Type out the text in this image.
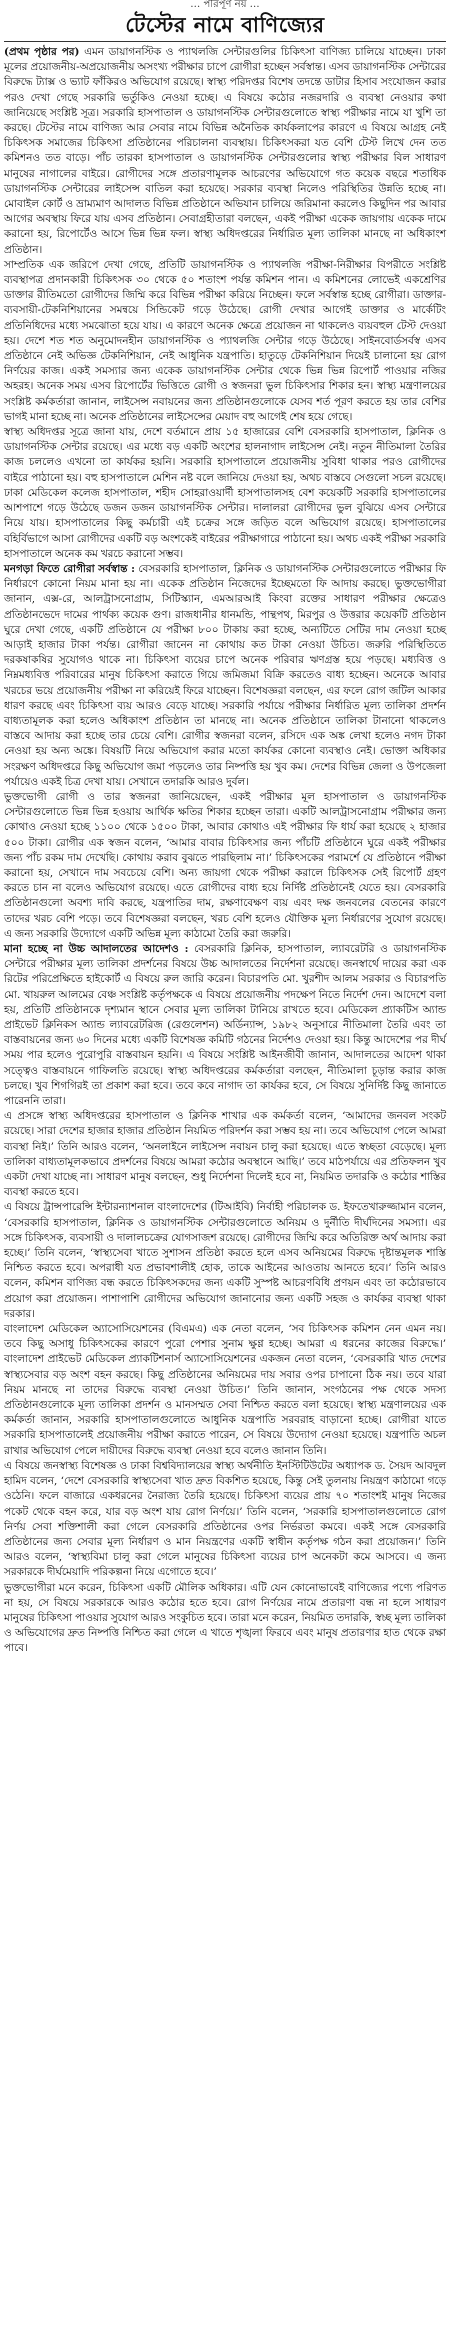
… পরিপূর্ণ নয় …
টেস্টের নামে বাণিজ্যের

(প্রথম পৃষ্ঠার পর) এমন ডায়াগনস্টিক ও প্যাথলজি সেন্টারগুলির চিকিৎসা বাণিজ্য চালিয়ে যাচ্ছেন। ঢাকা মূলের প্রয়োজনীয়-অপ্রয়োজনীয় অসংখ্য পরীক্ষার চাপে রোগীরা হচ্ছেন সর্বস্বান্ত। এসব ডায়াগনস্টিক সেন্টারের বিরুদ্ধে ট্যাক্স ও ভ্যাট ফাঁকিরও অভিযোগ রয়েছে। স্বাস্থ্য পরিদপ্তর বিশেষ তদন্তে ডাটার হিসাব সংযোজন করার পরও দেখা গেছে সরকারি ভর্তুকিও নেওয়া হচ্ছে। এ বিষয়ে কঠোর নজরদারি ও ব্যবস্থা নেওয়ার কথা জানিয়েছে সংশ্লিষ্ট সূত্র। সরকারি হাসপাতাল ও ডায়াগনস্টিক সেন্টারগুলোতে স্বাস্থ্য পরীক্ষার নামে যা খুশি তা করছে। টেস্টের নামে বাণিজ্য আর সেবার নামে বিভিন্ন অনৈতিক কার্যকলাপের কারণে এ বিষয়ে আগ্রহ নেই চিকিৎসক সমাজের চিকিৎসা প্রতিষ্ঠানের পরিচালনা ব্যবস্থায়। চিকিৎসকরা যত বেশি টেস্ট লিখে দেন তত কমিশনও তত বাড়ে। পাঁচ তারকা হাসপাতাল ও ডায়াগনস্টিক সেন্টারগুলোর স্বাস্থ্য পরীক্ষার বিল সাধারণ মানুষের নাগালের বাইরে। রোগীদের সঙ্গে প্রতারণামূলক আচরণের অভিযোগে গত কয়েক বছরে শতাধিক ডায়াগনস্টিক সেন্টারের লাইসেন্স বাতিল করা হয়েছে। সরকার ব্যবস্থা নিলেও পরিস্থিতির উন্নতি হচ্ছে না। মোবাইল কোর্ট ও ভ্রাম্যমাণ আদালত বিভিন্ন প্রতিষ্ঠানে অভিযান চালিয়ে জরিমানা করলেও কিছুদিন পর আবার আগের অবস্থায় ফিরে যায় এসব প্রতিষ্ঠান। সেবাগ্রহীতারা বলছেন, একই পরীক্ষা একেক জায়গায় একেক দামে করানো হয়, রিপোর্টেও আসে ভিন্ন ভিন্ন ফল। স্বাস্থ্য অধিদপ্তরের নির্ধারিত মূল্য তালিকা মানছে না অধিকাংশ প্রতিষ্ঠান।

সাম্প্রতিক এক জরিপে দেখা গেছে, প্রতিটি ডায়াগনস্টিক ও প্যাথলজি পরীক্ষা-নিরীক্ষার বিপরীতে সংশ্লিষ্ট ব্যবস্থাপত্র প্রদানকারী চিকিৎসক ৩০ থেকে ৫০ শতাংশ পর্যন্ত কমিশন পান। এ কমিশনের লোভেই একশ্রেণির ডাক্তার রীতিমতো রোগীদের জিম্মি করে বিভিন্ন পরীক্ষা করিয়ে নিচ্ছেন। ফলে সর্বস্বান্ত হচ্ছে রোগীরা। ডাক্তার-ব্যবসায়ী-টেকনিশিয়ানের সমন্বয়ে সিন্ডিকেট গড়ে উঠেছে। রোগী দেখার আগেই ডাক্তার ও মার্কেটিং প্রতিনিধিদের মধ্যে সমঝোতা হয়ে যায়। এ কারণে অনেক ক্ষেত্রে প্রয়োজন না থাকলেও ব্যয়বহুল টেস্ট দেওয়া হয়। দেশে শত শত অনুমোদনহীন ডায়াগনস্টিক ও প্যাথলজি সেন্টার গড়ে উঠেছে। সাইনবোর্ডসর্বস্ব এসব প্রতিষ্ঠানে নেই অভিজ্ঞ টেকনিশিয়ান, নেই আধুনিক যন্ত্রপাতি। হাতুড়ে টেকনিশিয়ান দিয়েই চালানো হয় রোগ নির্ণয়ের কাজ। একই সমস্যার জন্য একেক ডায়াগনস্টিক সেন্টার থেকে ভিন্ন ভিন্ন রিপোর্ট পাওয়ার নজির অহরহ। অনেক সময় এসব রিপোর্টের ভিত্তিতে রোগী ও স্বজনরা ভুল চিকিৎসার শিকার হন। স্বাস্থ্য মন্ত্রণালয়ের সংশ্লিষ্ট কর্মকর্তারা জানান, লাইসেন্স নবায়নের জন্য প্রতিষ্ঠানগুলোকে যেসব শর্ত পূরণ করতে হয় তার বেশির ভাগই মানা হচ্ছে না। অনেক প্রতিষ্ঠানের লাইসেন্সের মেয়াদ বহু আগেই শেষ হয়ে গেছে।

স্বাস্থ্য অধিদপ্তর সূত্রে জানা যায়, দেশে বর্তমানে প্রায় ১৫ হাজারের বেশি বেসরকারি হাসপাতাল, ক্লিনিক ও ডায়াগনস্টিক সেন্টার রয়েছে। এর মধ্যে বড় একটি অংশের হালনাগাদ লাইসেন্স নেই। নতুন নীতিমালা তৈরির কাজ চললেও এখনো তা কার্যকর হয়নি। সরকারি হাসপাতালে প্রয়োজনীয় সুবিধা থাকার পরও রোগীদের বাইরে পাঠানো হয়। বহু হাসপাতালে মেশিন নষ্ট বলে জানিয়ে দেওয়া হয়, অথচ বাস্তবে সেগুলো সচল রয়েছে। ঢাকা মেডিকেল কলেজ হাসপাতাল, শহীদ সোহরাওয়ার্দী হাসপাতালসহ বেশ কয়েকটি সরকারি হাসপাতালের আশপাশে গড়ে উঠেছে ডজন ডজন ডায়াগনস্টিক সেন্টার। দালালরা রোগীদের ভুল বুঝিয়ে এসব সেন্টারে নিয়ে যায়। হাসপাতালের কিছু কর্মচারী এই চক্রের সঙ্গে জড়িত বলে অভিযোগ রয়েছে। হাসপাতালের বহির্বিভাগে আসা রোগীদের একটি বড় অংশকেই বাইরের পরীক্ষাগারে পাঠানো হয়। অথচ একই পরীক্ষা সরকারি হাসপাতালে অনেক কম খরচে করানো সম্ভব।

মনগড়া ফিতে রোগীরা সর্বস্বান্ত : বেসরকারি হাসপাতাল, ক্লিনিক ও ডায়াগনস্টিক সেন্টারগুলোতে পরীক্ষার ফি নির্ধারণে কোনো নিয়ম মানা হয় না। একেক প্রতিষ্ঠান নিজেদের ইচ্ছেমতো ফি আদায় করছে। ভুক্তভোগীরা জানান, এক্স-রে, আলট্রাসনোগ্রাম, সিটিস্ক্যান, এমআরআই কিংবা রক্তের সাধারণ পরীক্ষার ক্ষেত্রেও প্রতিষ্ঠানভেদে দামের পার্থক্য কয়েক গুণ। রাজধানীর ধানমন্ডি, পান্থপথ, মিরপুর ও উত্তরার কয়েকটি প্রতিষ্ঠান ঘুরে দেখা গেছে, একটি প্রতিষ্ঠানে যে পরীক্ষা ৮০০ টাকায় করা হচ্ছে, অন্যটিতে সেটির দাম নেওয়া হচ্ছে আড়াই হাজার টাকা পর্যন্ত। রোগীরা জানেন না কোথায় কত টাকা নেওয়া উচিত। জরুরি পরিস্থিতিতে দরকষাকষির সুযোগও থাকে না। চিকিৎসা ব্যয়ের চাপে অনেক পরিবার ঋণগ্রস্ত হয়ে পড়ছে। মধ্যবিত্ত ও নিম্নমধ্যবিত্ত পরিবারের মানুষ চিকিৎসা করাতে গিয়ে জমিজমা বিক্রি করতেও বাধ্য হচ্ছেন। অনেকে আবার খরচের ভয়ে প্রয়োজনীয় পরীক্ষা না করিয়েই ফিরে যাচ্ছেন। বিশেষজ্ঞরা বলছেন, এর ফলে রোগ জটিল আকার ধারণ করছে এবং চিকিৎসা ব্যয় আরও বেড়ে যাচ্ছে। সরকারি পর্যায়ে পরীক্ষার নির্ধারিত মূল্য তালিকা প্রদর্শন বাধ্যতামূলক করা হলেও অধিকাংশ প্রতিষ্ঠান তা মানছে না। অনেক প্রতিষ্ঠানে তালিকা টানানো থাকলেও বাস্তবে আদায় করা হচ্ছে তার চেয়ে বেশি। রোগীর স্বজনরা বলেন, রসিদে এক অঙ্ক লেখা হলেও নগদ টাকা নেওয়া হয় অন্য অঙ্কে। বিষয়টি নিয়ে অভিযোগ করার মতো কার্যকর কোনো ব্যবস্থাও নেই। ভোক্তা অধিকার সংরক্ষণ অধিদপ্তরে কিছু অভিযোগ জমা পড়লেও তার নিষ্পত্তি হয় খুব কম। দেশের বিভিন্ন জেলা ও উপজেলা পর্যায়েও একই চিত্র দেখা যায়। সেখানে তদারকি আরও দুর্বল।

ভুক্তভোগী রোগী ও তার স্বজনরা জানিয়েছেন, একই পরীক্ষার মূল হাসপাতাল ও ডায়াগনস্টিক সেন্টারগুলোতে ভিন্ন ভিন্ন হওয়ায় আর্থিক ক্ষতির শিকার হচ্ছেন তারা। একটি আলট্রাসনোগ্রাম পরীক্ষার জন্য কোথাও নেওয়া হচ্ছে ১১০০ থেকে ১৫০০ টাকা, আবার কোথাও এই পরীক্ষার ফি ধার্য করা হয়েছে ২ হাজার ৫০০ টাকা। রোগীর এক স্বজন বলেন, ‘আমার বাবার চিকিৎসার জন্য পাঁচটি প্রতিষ্ঠানে ঘুরে একই পরীক্ষার জন্য পাঁচ রকম দাম দেখেছি। কোথায় করাব বুঝতে পারছিলাম না।’ চিকিৎসকের পরামর্শে যে প্রতিষ্ঠানে পরীক্ষা করানো হয়, সেখানে দাম সবচেয়ে বেশি। অন্য জায়গা থেকে পরীক্ষা করালে চিকিৎসক সেই রিপোর্ট গ্রহণ করতে চান না বলেও অভিযোগ রয়েছে। এতে রোগীদের বাধ্য হয়ে নির্দিষ্ট প্রতিষ্ঠানেই যেতে হয়। বেসরকারি প্রতিষ্ঠানগুলো অবশ্য দাবি করছে, যন্ত্রপাতির দাম, রক্ষণাবেক্ষণ ব্যয় এবং দক্ষ জনবলের বেতনের কারণে তাদের খরচ বেশি পড়ে। তবে বিশেষজ্ঞরা বলছেন, খরচ বেশি হলেও যৌক্তিক মূল্য নির্ধারণের সুযোগ রয়েছে। এ জন্য সরকারি উদ্যোগে একটি অভিন্ন মূল্য কাঠামো তৈরি করা জরুরি।

মানা হচ্ছে না উচ্চ আদালতের আদেশও : বেসরকারি ক্লিনিক, হাসপাতাল, ল্যাবরেটরি ও ডায়াগনস্টিক সেন্টারে পরীক্ষার মূল্য তালিকা প্রদর্শনের বিষয়ে উচ্চ আদালতের নির্দেশনা রয়েছে। জনস্বার্থে দায়ের করা এক রিটের পরিপ্রেক্ষিতে হাইকোর্ট এ বিষয়ে রুল জারি করেন। বিচারপতি মো. খুরশীদ আলম সরকার ও বিচারপতি মো. খায়রুল আলমের বেঞ্চ সংশ্লিষ্ট কর্তৃপক্ষকে এ বিষয়ে প্রয়োজনীয় পদক্ষেপ নিতে নির্দেশ দেন। আদেশে বলা হয়, প্রতিটি প্রতিষ্ঠানকে দৃশ্যমান স্থানে সেবার মূল্য তালিকা টানিয়ে রাখতে হবে। মেডিকেল প্র্যাকটিস অ্যান্ড প্রাইভেট ক্লিনিকস অ্যান্ড ল্যাবরেটরিজ (রেগুলেশন) অর্ডিন্যান্স, ১৯৮২ অনুসারে নীতিমালা তৈরি এবং তা বাস্তবায়নের জন্য ৬০ দিনের মধ্যে একটি বিশেষজ্ঞ কমিটি গঠনের নির্দেশও দেওয়া হয়। কিন্তু আদেশের পর দীর্ঘ সময় পার হলেও পুরোপুরি বাস্তবায়ন হয়নি। এ বিষয়ে সংশ্লিষ্ট আইনজীবী জানান, আদালতের আদেশ থাকা সত্ত্বেও বাস্তবায়নে গাফিলতি রয়েছে। স্বাস্থ্য অধিদপ্তরের কর্মকর্তারা বলছেন, নীতিমালা চূড়ান্ত করার কাজ চলছে। খুব শিগগিরই তা প্রকাশ করা হবে। তবে কবে নাগাদ তা কার্যকর হবে, সে বিষয়ে সুনির্দিষ্ট কিছু জানাতে পারেননি তারা।

এ প্রসঙ্গে স্বাস্থ্য অধিদপ্তরের হাসপাতাল ও ক্লিনিক শাখার এক কর্মকর্তা বলেন, ‘আমাদের জনবল সংকট রয়েছে। সারা দেশের হাজার হাজার প্রতিষ্ঠান নিয়মিত পরিদর্শন করা সম্ভব হয় না। তবে অভিযোগ পেলে আমরা ব্যবস্থা নিই।’ তিনি আরও বলেন, ‘অনলাইনে লাইসেন্স নবায়ন চালু করা হয়েছে। এতে স্বচ্ছতা বেড়েছে। মূল্য তালিকা বাধ্যতামূলকভাবে প্রদর্শনের বিষয়ে আমরা কঠোর অবস্থানে আছি।’ তবে মাঠপর্যায়ে এর প্রতিফলন খুব একটা দেখা যাচ্ছে না। সাধারণ মানুষ বলছেন, শুধু নির্দেশনা দিলেই হবে না, নিয়মিত তদারকি ও কঠোর শাস্তির ব্যবস্থা করতে হবে।

এ বিষয়ে ট্রান্সপারেন্সি ইন্টারন্যাশনাল বাংলাদেশের (টিআইবি) নির্বাহী পরিচালক ড. ইফতেখারুজ্জামান বলেন, ‘বেসরকারি হাসপাতাল, ক্লিনিক ও ডায়াগনস্টিক সেন্টারগুলোতে অনিয়ম ও দুর্নীতি দীর্ঘদিনের সমস্যা। এর সঙ্গে চিকিৎসক, ব্যবসায়ী ও দালালচক্রের যোগসাজশ রয়েছে। রোগীদের জিম্মি করে অতিরিক্ত অর্থ আদায় করা হচ্ছে।’ তিনি বলেন, ‘স্বাস্থ্যসেবা খাতে সুশাসন প্রতিষ্ঠা করতে হলে এসব অনিয়মের বিরুদ্ধে দৃষ্টান্তমূলক শাস্তি নিশ্চিত করতে হবে। অপরাধী যত প্রভাবশালীই হোক, তাকে আইনের আওতায় আনতে হবে।’ তিনি আরও বলেন, কমিশন বাণিজ্য বন্ধ করতে চিকিৎসকদের জন্য একটি সুস্পষ্ট আচরণবিধি প্রণয়ন এবং তা কঠোরভাবে প্রয়োগ করা প্রয়োজন। পাশাপাশি রোগীদের অভিযোগ জানানোর জন্য একটি সহজ ও কার্যকর ব্যবস্থা থাকা দরকার।

বাংলাদেশ মেডিকেল অ্যাসোসিয়েশনের (বিএমএ) এক নেতা বলেন, ‘সব চিকিৎসক কমিশন নেন এমন নয়। তবে কিছু অসাধু চিকিৎসকের কারণে পুরো পেশার সুনাম ক্ষুণ্ণ হচ্ছে। আমরা এ ধরনের কাজের বিরুদ্ধে।’ বাংলাদেশ প্রাইভেট মেডিকেল প্র্যাকটিশনার্স অ্যাসোসিয়েশনের একজন নেতা বলেন, ‘বেসরকারি খাত দেশের স্বাস্থ্যসেবার বড় অংশ বহন করছে। কিছু প্রতিষ্ঠানের অনিয়মের দায় সবার ওপর চাপানো ঠিক নয়। তবে যারা নিয়ম মানছে না তাদের বিরুদ্ধে ব্যবস্থা নেওয়া উচিত।’ তিনি জানান, সংগঠনের পক্ষ থেকে সদস্য প্রতিষ্ঠানগুলোকে মূল্য তালিকা প্রদর্শন ও মানসম্মত সেবা নিশ্চিত করতে বলা হয়েছে। স্বাস্থ্য মন্ত্রণালয়ের এক কর্মকর্তা জানান, সরকারি হাসপাতালগুলোতে আধুনিক যন্ত্রপাতি সরবরাহ বাড়ানো হচ্ছে। রোগীরা যাতে সরকারি হাসপাতালেই প্রয়োজনীয় পরীক্ষা করাতে পারেন, সে বিষয়ে উদ্যোগ নেওয়া হয়েছে। যন্ত্রপাতি অচল রাখার অভিযোগ পেলে দায়ীদের বিরুদ্ধে ব্যবস্থা নেওয়া হবে বলেও জানান তিনি।

এ বিষয়ে জনস্বাস্থ্য বিশেষজ্ঞ ও ঢাকা বিশ্ববিদ্যালয়ের স্বাস্থ্য অর্থনীতি ইনস্টিটিউটের অধ্যাপক ড. সৈয়দ আবদুল হামিদ বলেন, ‘দেশে বেসরকারি স্বাস্থ্যসেবা খাত দ্রুত বিকশিত হয়েছে, কিন্তু সেই তুলনায় নিয়ন্ত্রণ কাঠামো গড়ে ওঠেনি। ফলে বাজারে একধরনের নৈরাজ্য তৈরি হয়েছে। চিকিৎসা ব্যয়ের প্রায় ৭০ শতাংশই মানুষ নিজের পকেট থেকে বহন করে, যার বড় অংশ যায় রোগ নির্ণয়ে।’ তিনি বলেন, ‘সরকারি হাসপাতালগুলোতে রোগ নির্ণয় সেবা শক্তিশালী করা গেলে বেসরকারি প্রতিষ্ঠানের ওপর নির্ভরতা কমবে। একই সঙ্গে বেসরকারি প্রতিষ্ঠানের জন্য সেবার মূল্য নির্ধারণ ও মান নিয়ন্ত্রণের একটি স্বাধীন কর্তৃপক্ষ গঠন করা প্রয়োজন।’ তিনি আরও বলেন, ‘স্বাস্থ্যবিমা চালু করা গেলে মানুষের চিকিৎসা ব্যয়ের চাপ অনেকটা কমে আসবে। এ জন্য সরকারকে দীর্ঘমেয়াদি পরিকল্পনা নিয়ে এগোতে হবে।’

ভুক্তভোগীরা মনে করেন, চিকিৎসা একটি মৌলিক অধিকার। এটি যেন কোনোভাবেই বাণিজ্যের পণ্যে পরিণত না হয়, সে বিষয়ে সরকারকে আরও কঠোর হতে হবে। রোগ নির্ণয়ের নামে প্রতারণা বন্ধ না হলে সাধারণ মানুষের চিকিৎসা পাওয়ার সুযোগ আরও সংকুচিত হবে। তারা মনে করেন, নিয়মিত তদারকি, স্বচ্ছ মূল্য তালিকা ও অভিযোগের দ্রুত নিষ্পত্তি নিশ্চিত করা গেলে এ খাতে শৃঙ্খলা ফিরবে এবং মানুষ প্রতারণার হাত থেকে রক্ষা পাবে।
